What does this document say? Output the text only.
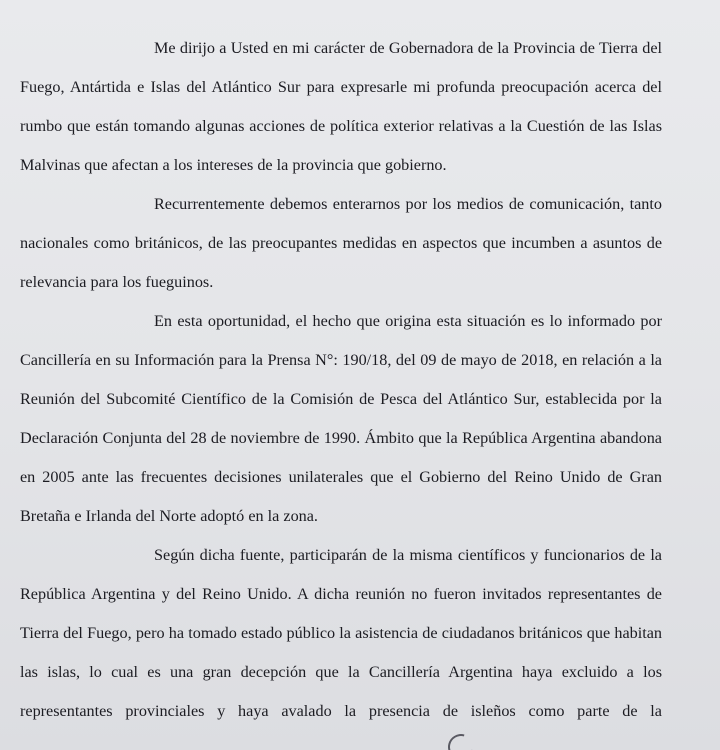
Me dirijo a Usted en mi carácter de Gobernadora de la Provincia de Tierra del Fuego, Antártida e Islas del Atlántico Sur para expresarle mi profunda preocupación acerca del rumbo que están tomando algunas acciones de política exterior relativas a la Cuestión de las Islas Malvinas que afectan a los intereses de la provincia que gobierno.

Recurrentemente debemos enterarnos por los medios de comunicación, tanto nacionales como británicos, de las preocupantes medidas en aspectos que incumben a asuntos de relevancia para los fueguinos.

En esta oportunidad, el hecho que origina esta situación es lo informado por Cancillería en su Información para la Prensa N°: 190/18, del 09 de mayo de 2018, en relación a la Reunión del Subcomité Científico de la Comisión de Pesca del Atlántico Sur, establecida por la Declaración Conjunta del 28 de noviembre de 1990. Ámbito que la República Argentina abandona en 2005 ante las frecuentes decisiones unilaterales que el Gobierno del Reino Unido de Gran Bretaña e Irlanda del Norte adoptó en la zona.

Según dicha fuente, participarán de la misma científicos y funcionarios de la República Argentina y del Reino Unido. A dicha reunión no fueron invitados representantes de Tierra del Fuego, pero ha tomado estado público la asistencia de ciudadanos británicos que habitan las islas, lo cual es una gran decepción que la Cancillería Argentina haya excluido a los representantes provinciales y haya avalado la presencia de isleños como parte de la
